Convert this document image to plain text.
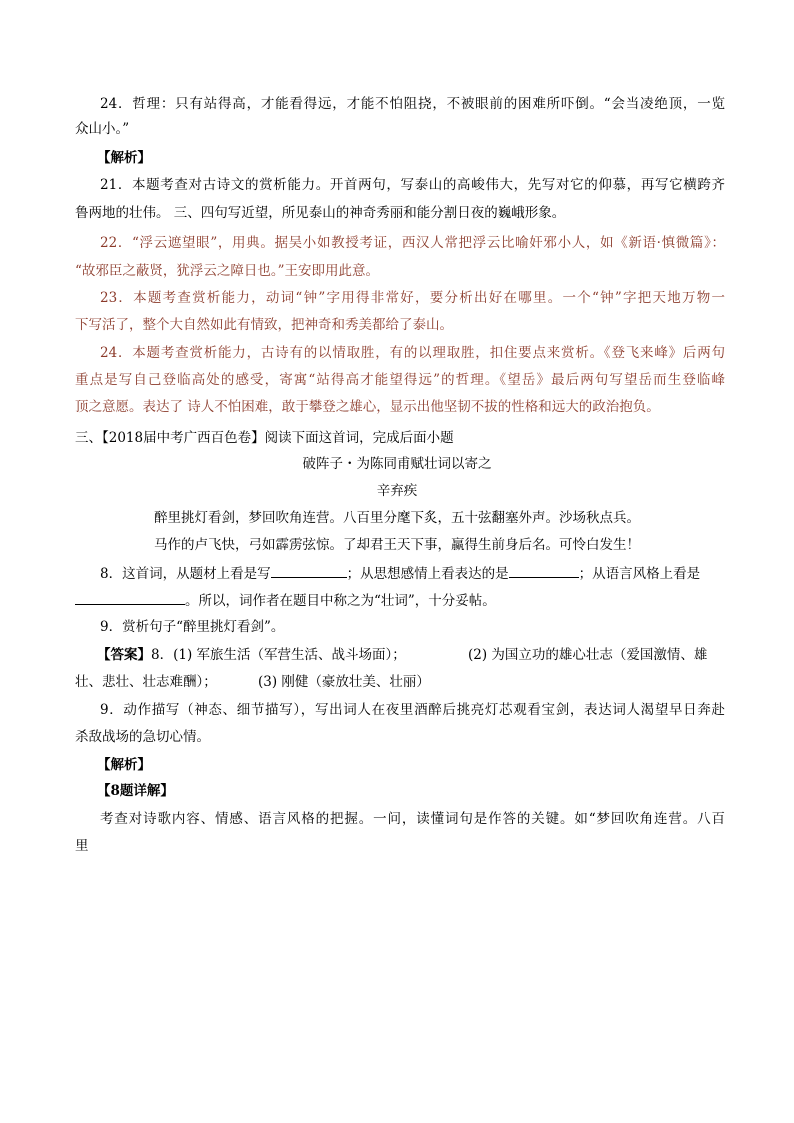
24．哲理：只有站得高，才能看得远，才能不怕阻挠，不被眼前的困难所吓倒。“会当凌绝顶，一览
众山小。”
【解析】
21．本题考查对古诗文的赏析能力。开首两句，写泰山的高峻伟大，先写对它的仰慕，再写它横跨齐
鲁两地的壮伟。 三、四句写近望，所见泰山的神奇秀丽和能分割日夜的巍峨形象。
22．“浮云遮望眼”，用典。据吴小如教授考证，西汉人常把浮云比喻奸邪小人，如《新语·慎微篇》：
“故邪臣之蔽贤，犹浮云之障日也。”王安即用此意。
23．本题考查赏析能力，动词“钟”字用得非常好，要分析出好在哪里。一个“钟”字把天地万物一
下写活了，整个大自然如此有情致，把神奇和秀美都给了泰山。
24．本题考查赏析能力，古诗有的以情取胜，有的以理取胜，扣住要点来赏析。《登飞来峰》后两句
重点是写自己登临高处的感受，寄寓“站得高才能望得远”的哲理。《望岳》最后两句写望岳而生登临峰
顶之意愿。表达了 诗人不怕困难，敢于攀登之雄心，显示出他坚韧不拔的性格和远大的政治抱负。
三、【2018届中考广西百色卷】阅读下面这首词，完成后面小题
破阵子・为陈同甫赋壮词以寄之
辛弃疾
醉里挑灯看剑，梦回吹角连营。八百里分麾下炙，五十弦翻塞外声。沙场秋点兵。
马作的卢飞快，弓如霹雳弦惊。了却君王天下事，赢得生前身后名。可怜白发生！
8．这首词，从题材上看是写	；从思想感情上看表达的是	；从语言风格上看是
。所以，词作者在题目中称之为“壮词”，十分妥帖。
9．赏析句子“醉里挑灯看剑”。
【答案】8．(1) 军旅生活（军营生活、战斗场面）；	(2) 为国立功的雄心壮志（爱国激情、雄
壮、悲壮、壮志难酬）；	(3) 刚健（豪放壮美、壮丽）
9．动作描写（神态、细节描写），写出词人在夜里酒醉后挑亮灯芯观看宝剑，表达词人渴望早日奔赴
杀敌战场的急切心情。
【解析】
【8题详解】
考查对诗歌内容、情感、语言风格的把握。一问，读懂词句是作答的关键。如“梦回吹角连营。八百
里
